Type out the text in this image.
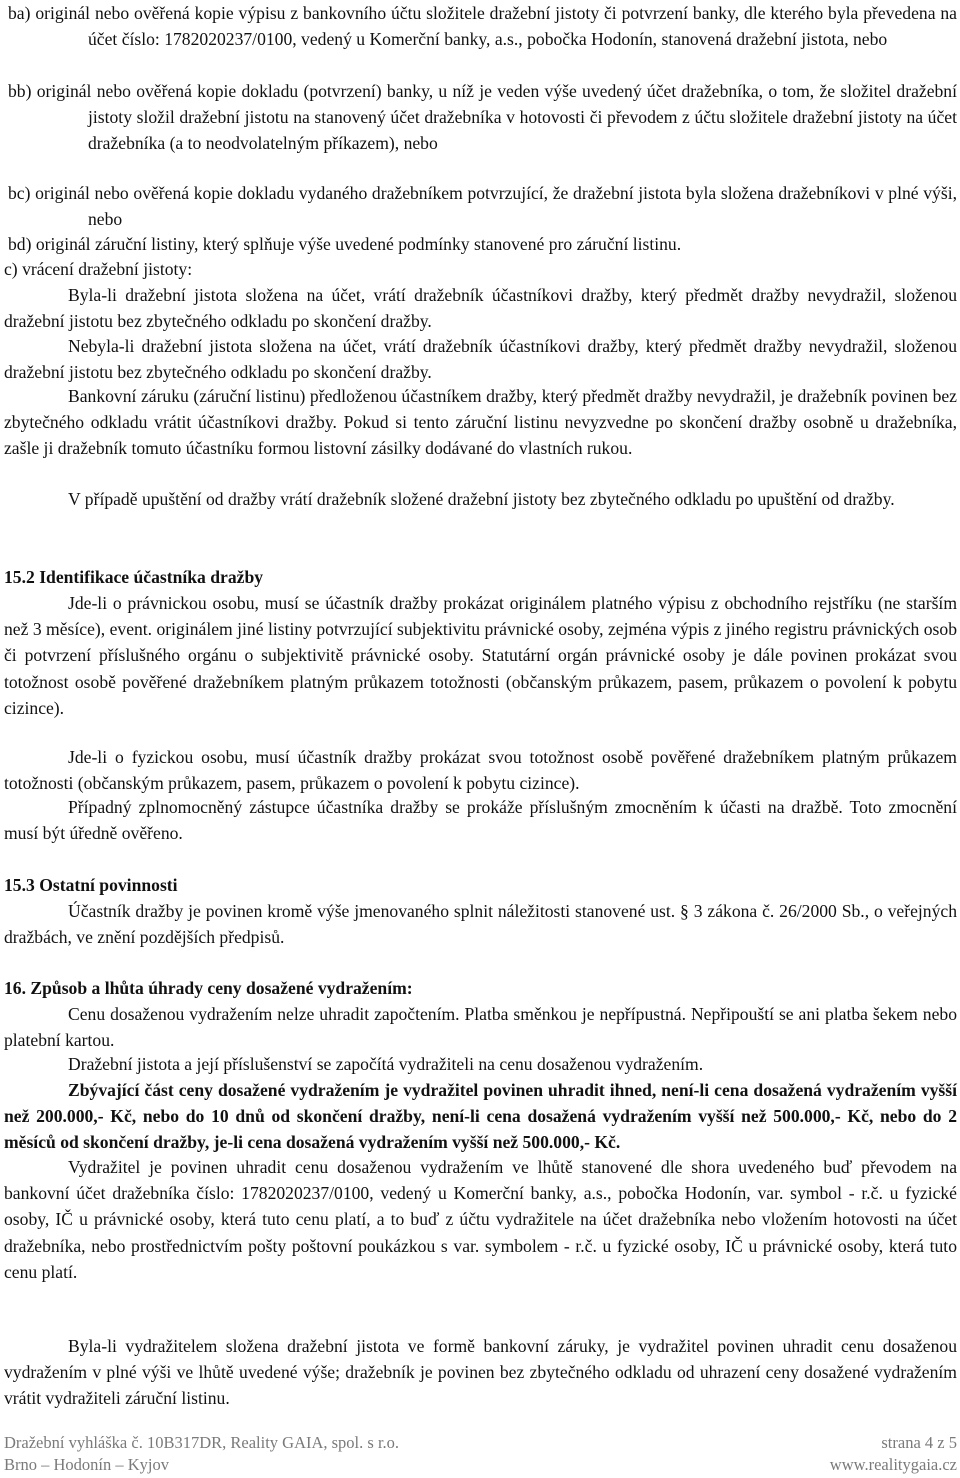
ba) originál nebo ověřená kopie výpisu z bankovního účtu složitele dražební jistoty či potvrzení banky, dle kterého byla převedena na účet číslo: 1782020237/0100, vedený u Komerční banky, a.s., pobočka Hodonín, stanovená dražební jistota, nebo

bb) originál nebo ověřená kopie dokladu (potvrzení) banky, u níž je veden výše uvedený účet dražebníka, o tom, že složitel dražební jistoty složil dražební jistotu na stanovený účet dražebníka v hotovosti či převodem z účtu složitele dražební jistoty na účet dražebníka (a to neodvolatelným příkazem), nebo

bc) originál nebo ověřená kopie dokladu vydaného dražebníkem potvrzující, že dražební jistota byla složena dražebníkovi v plné výši, nebo

bd) originál záruční listiny, který splňuje výše uvedené podmínky stanovené pro záruční listinu.

c) vrácení dražební jistoty:

Byla-li dražební jistota složena na účet, vrátí dražebník účastníkovi dražby, který předmět dražby nevydražil, složenou dražební jistotu bez zbytečného odkladu po skončení dražby.

Nebyla-li dražební jistota složena na účet, vrátí dražebník účastníkovi dražby, který předmět dražby nevydražil, složenou dražební jistotu bez zbytečného odkladu po skončení dražby.

Bankovní záruku (záruční listinu) předloženou účastníkem dražby, který předmět dražby nevydražil, je dražebník povinen bez zbytečného odkladu vrátit účastníkovi dražby. Pokud si tento záruční listinu nevyzvedne po skončení dražby osobně u dražebníka, zašle ji dražebník tomuto účastníku formou listovní zásilky dodávané do vlastních rukou.

V případě upuštění od dražby vrátí dražebník složené dražební jistoty bez zbytečného odkladu po upuštění od dražby.

15.2 Identifikace účastníka dražby

Jde-li o právnickou osobu, musí se účastník dražby prokázat originálem platného výpisu z obchodního rejstříku (ne starším než 3 měsíce), event. originálem jiné listiny potvrzující subjektivitu právnické osoby, zejména výpis z jiného registru právnických osob či potvrzení příslušného orgánu o subjektivitě právnické osoby. Statutární orgán právnické osoby je dále povinen prokázat svou totožnost osobě pověřené dražebníkem platným průkazem totožnosti (občanským průkazem, pasem, průkazem o povolení k pobytu cizince).

Jde-li o fyzickou osobu, musí účastník dražby prokázat svou totožnost osobě pověřené dražebníkem platným průkazem totožnosti (občanským průkazem, pasem, průkazem o povolení k pobytu cizince).

Případný zplnomocněný zástupce účastníka dražby se prokáže příslušným zmocněním k účasti na dražbě. Toto zmocnění musí být úředně ověřeno.

15.3 Ostatní povinnosti

Účastník dražby je povinen kromě výše jmenovaného splnit náležitosti stanovené ust. § 3 zákona č. 26/2000 Sb., o veřejných dražbách, ve znění pozdějších předpisů.

16. Způsob a lhůta úhrady ceny dosažené vydražením:

Cenu dosaženou vydražením nelze uhradit započtením. Platba směnkou je nepřípustná. Nepřipouští se ani platba šekem nebo platební kartou.

Dražební jistota a její příslušenství se započítá vydražiteli na cenu dosaženou vydražením.

Zbývající část ceny dosažené vydražením je vydražitel povinen uhradit ihned, není-li cena dosažená vydražením vyšší než 200.000,- Kč, nebo do 10 dnů od skončení dražby, není-li cena dosažená vydražením vyšší než 500.000,- Kč, nebo do 2 měsíců od skončení dražby, je-li cena dosažená vydražením vyšší než 500.000,- Kč.

Vydražitel je povinen uhradit cenu dosaženou vydražením ve lhůtě stanovené dle shora uvedeného buď převodem na bankovní účet dražebníka číslo: 1782020237/0100, vedený u Komerční banky, a.s., pobočka Hodonín, var. symbol - r.č. u fyzické osoby, IČ u právnické osoby, která tuto cenu platí, a to buď z účtu vydražitele na účet dražebníka nebo vložením hotovosti na účet dražebníka, nebo prostřednictvím pošty poštovní poukázkou s var. symbolem - r.č. u fyzické osoby, IČ u právnické osoby, která tuto cenu platí.

Byla-li vydražitelem složena dražební jistota ve formě bankovní záruky, je vydražitel povinen uhradit cenu dosaženou vydražením v plné výši ve lhůtě uvedené výše; dražebník je povinen bez zbytečného odkladu od uhrazení ceny dosažené vydražením vrátit vydražiteli záruční listinu.

Dražební vyhláška č. 10B317DR, Reality GAIA, spol. s r.o.
Brno – Hodonín – Kyjov
strana 4 z 5
www.realitygaia.cz
